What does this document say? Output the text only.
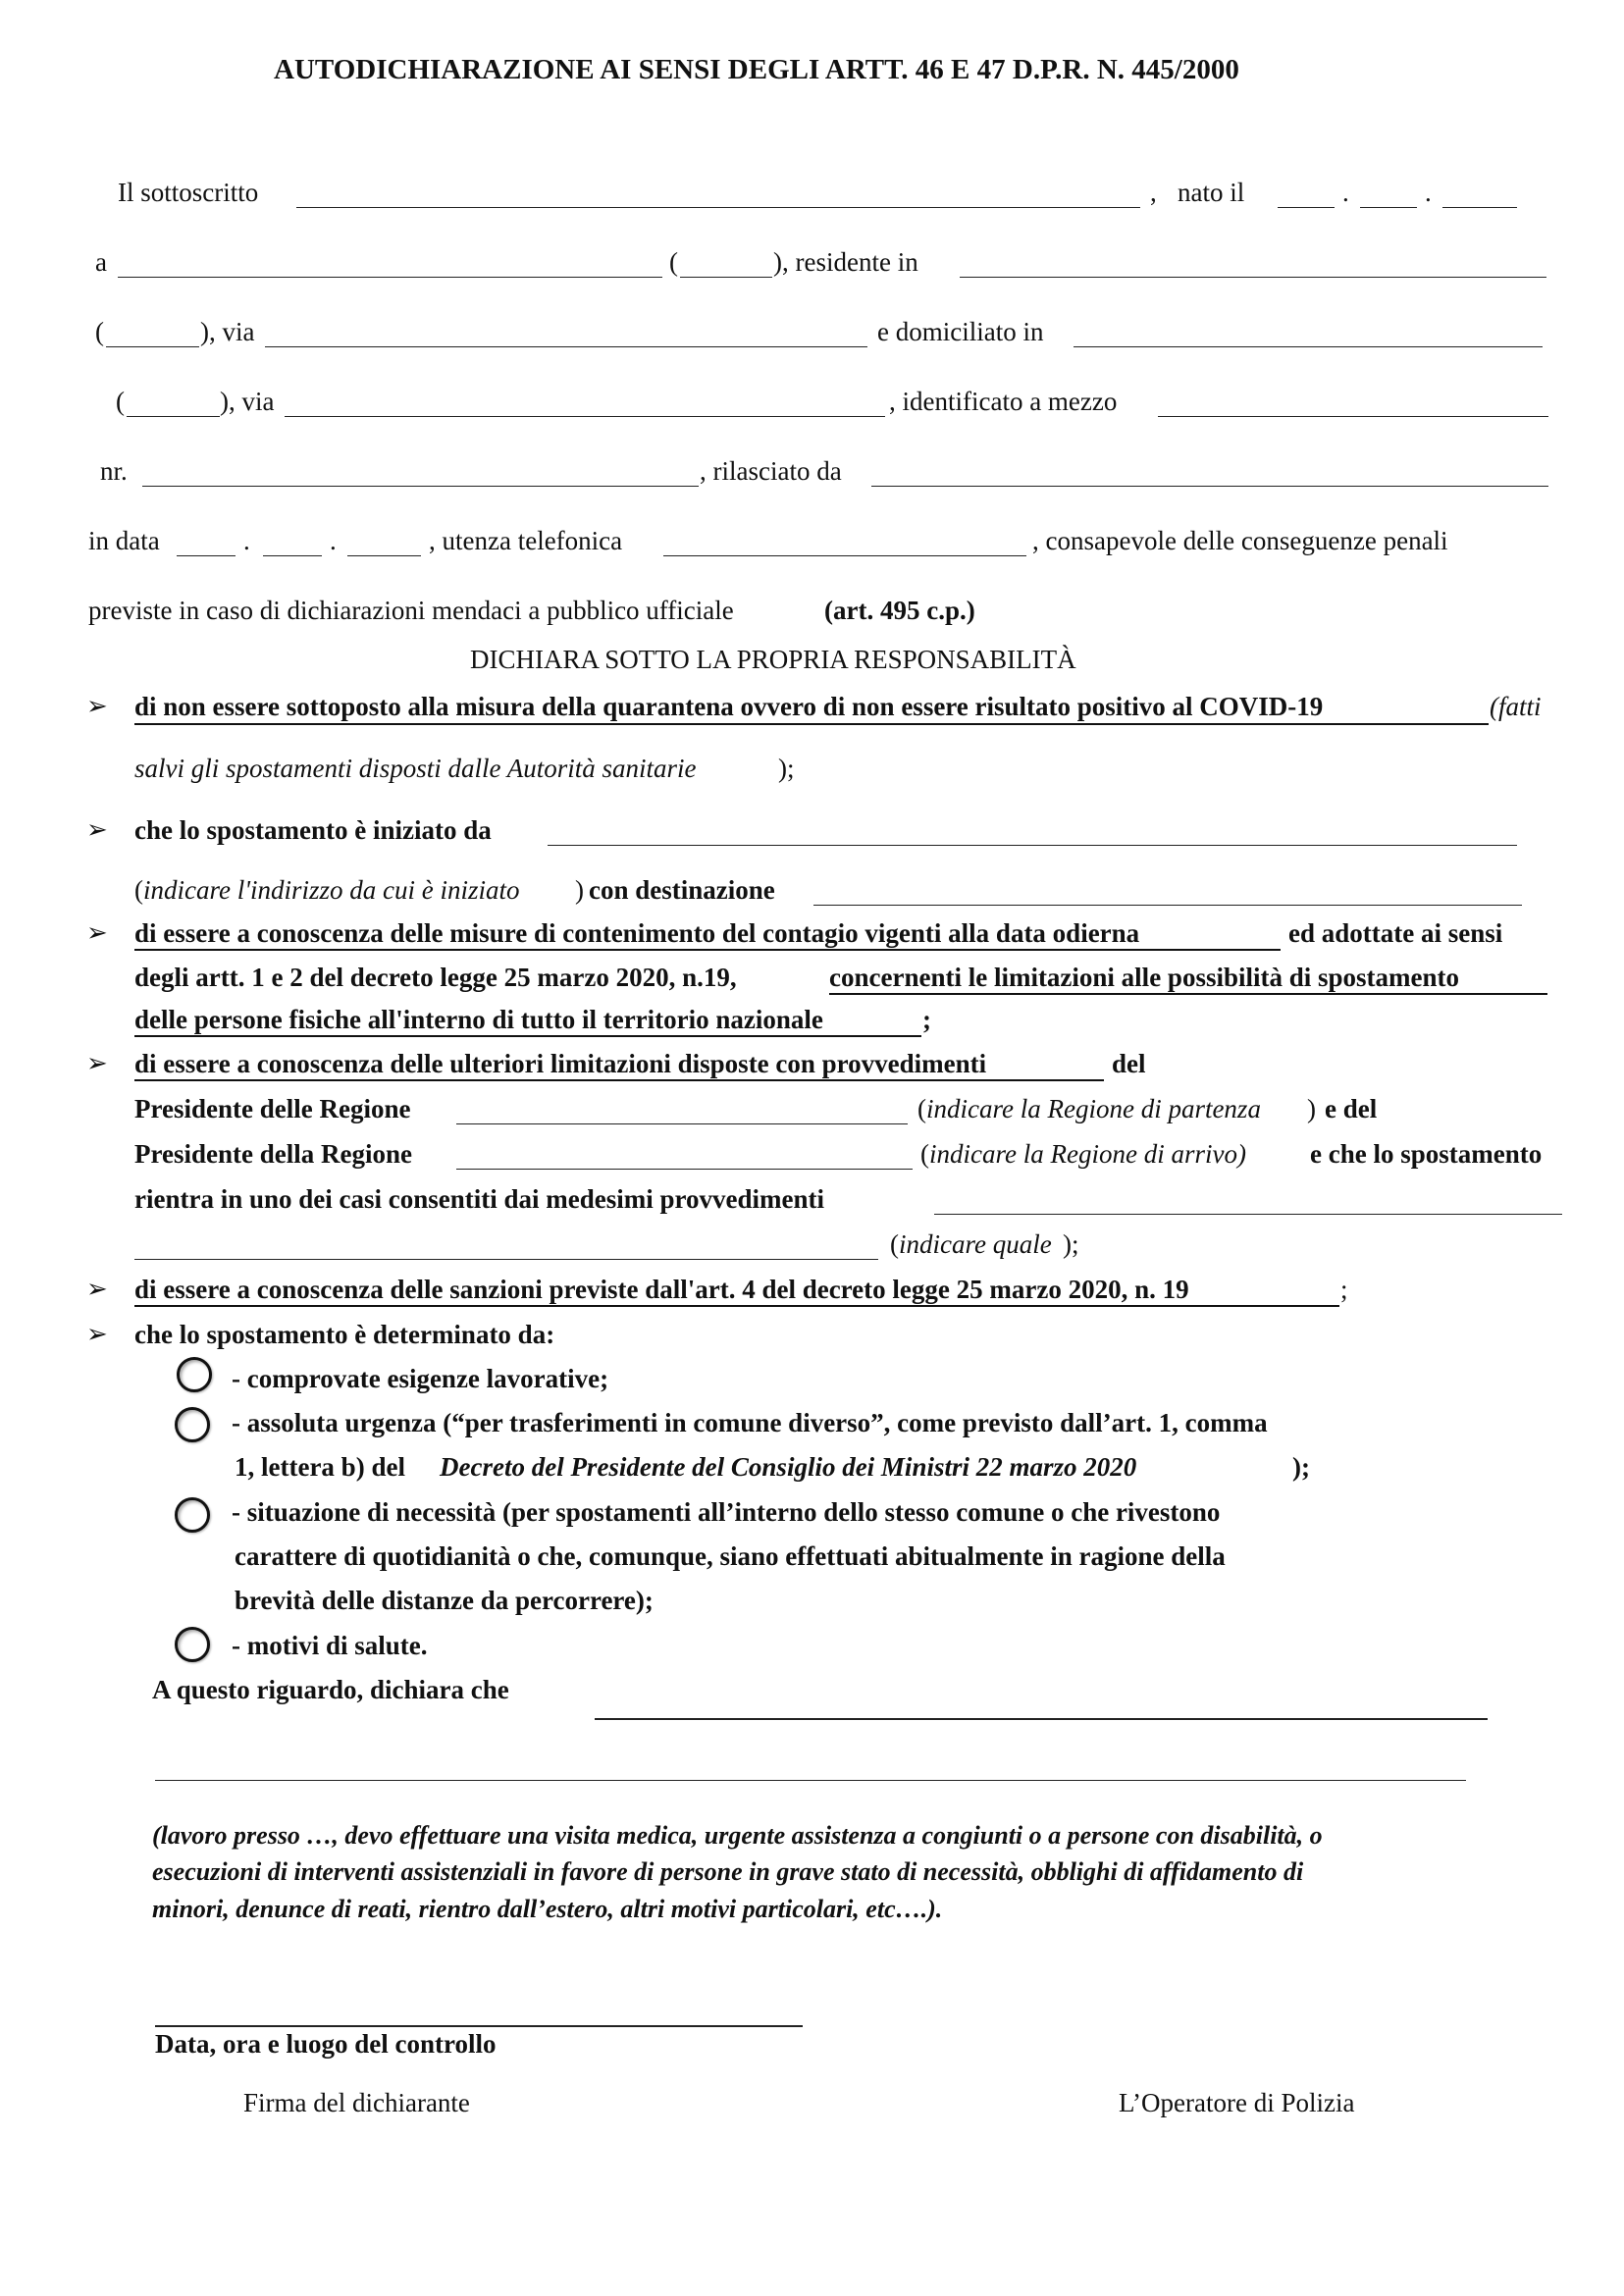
AUTODICHIARAZIONE AI SENSI DEGLI ARTT. 46 E 47 D.P.R. N. 445/2000
Il sottoscritto	, nato il	.	.
a	(	), residente in
(	), via	e domiciliato in
(	), via	, identificato a mezzo
nr.	, rilasciato da
in data	.	.	, utenza telefonica	, consapevole delle conseguenze penali
previste in caso di dichiarazioni mendaci a pubblico ufficiale	(art. 495 c.p.)
DICHIARA SOTTO LA PROPRIA RESPONSABILITÀ
➢ di non essere sottoposto alla misura della quarantena ovvero di non essere risultato positivo al COVID-19	(fatti
salvi gli spostamenti disposti dalle Autorità sanitarie	);
➢ che lo spostamento è iniziato da
( indicare l'indirizzo da cui è iniziato ) con destinazione
➢ di essere a conoscenza delle misure di contenimento del contagio vigenti alla data odierna	ed adottate ai sensi
degli artt. 1 e 2 del decreto legge 25 marzo 2020, n.19,	concernenti le limitazioni alle possibilità di spostamento
delle persone fisiche all'interno di tutto il territorio nazionale	;
➢ di essere a conoscenza delle ulteriori limitazioni disposte con provvedimenti	del
Presidente delle Regione	( indicare la Regione di partenza ) e del
Presidente della Regione	( indicare la Regione di arrivo) e che lo spostamento
rientra in uno dei casi consentiti dai medesimi provvedimenti
( indicare quale );
➢ di essere a conoscenza delle sanzioni previste dall'art. 4 del decreto legge 25 marzo 2020, n. 19	;
➢ che lo spostamento è determinato da:
- comprovate esigenze lavorative;
- assoluta urgenza (“per trasferimenti in comune diverso”, come previsto dall’art. 1, comma
1, lettera b) del Decreto del Presidente del Consiglio dei Ministri 22 marzo 2020	);
- situazione di necessità (per spostamenti all’interno dello stesso comune o che rivestono
carattere di quotidianità o che, comunque, siano effettuati abitualmente in ragione della
brevità delle distanze da percorrere);
- motivi di salute.
A questo riguardo, dichiara che
(lavoro presso …, devo effettuare una visita medica, urgente assistenza a congiunti o a persone con disabilità, o
esecuzioni di interventi assistenziali in favore di persone in grave stato di necessità, obblighi di affidamento di
minori, denunce di reati, rientro dall’estero, altri motivi particolari, etc….).
Data, ora e luogo del controllo
Firma del dichiarante	L’Operatore di Polizia
